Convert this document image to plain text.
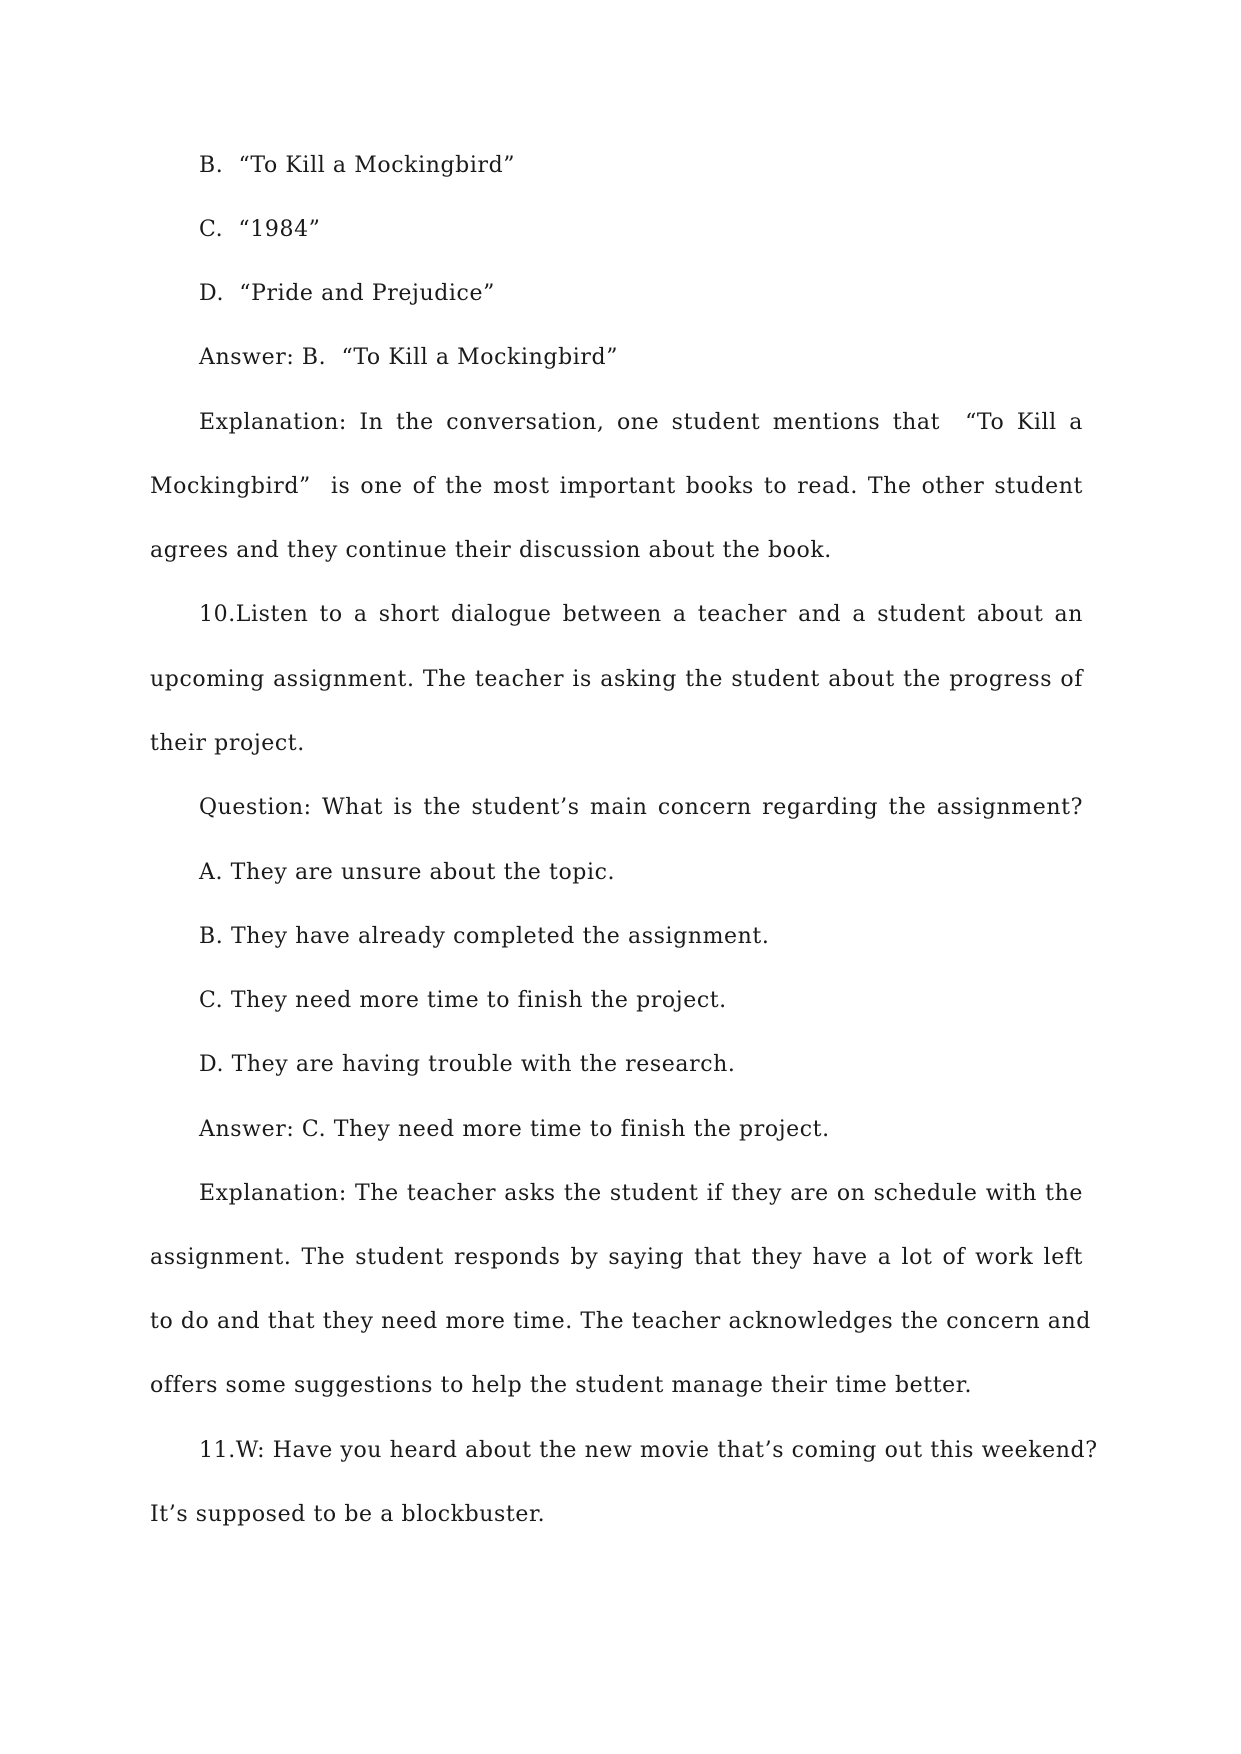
B.  “To Kill a Mockingbird”
C.  “1984”
D.  “Pride and Prejudice”
Answer: B.  “To Kill a Mockingbird”
Explanation: In the conversation, one student mentions that  “To Kill a
Mockingbird”  is one of the most important books to read. The other student
agrees and they continue their discussion about the book.
10.Listen to a short dialogue between a teacher and a student about an
upcoming assignment. The teacher is asking the student about the progress of
their project.
Question: What is the student’s main concern regarding the assignment?
A. They are unsure about the topic.
B. They have already completed the assignment.
C. They need more time to finish the project.
D. They are having trouble with the research.
Answer: C. They need more time to finish the project.
Explanation: The teacher asks the student if they are on schedule with the
assignment. The student responds by saying that they have a lot of work left
to do and that they need more time. The teacher acknowledges the concern and
offers some suggestions to help the student manage their time better.
11.W: Have you heard about the new movie that’s coming out this weekend?
It’s supposed to be a blockbuster.
